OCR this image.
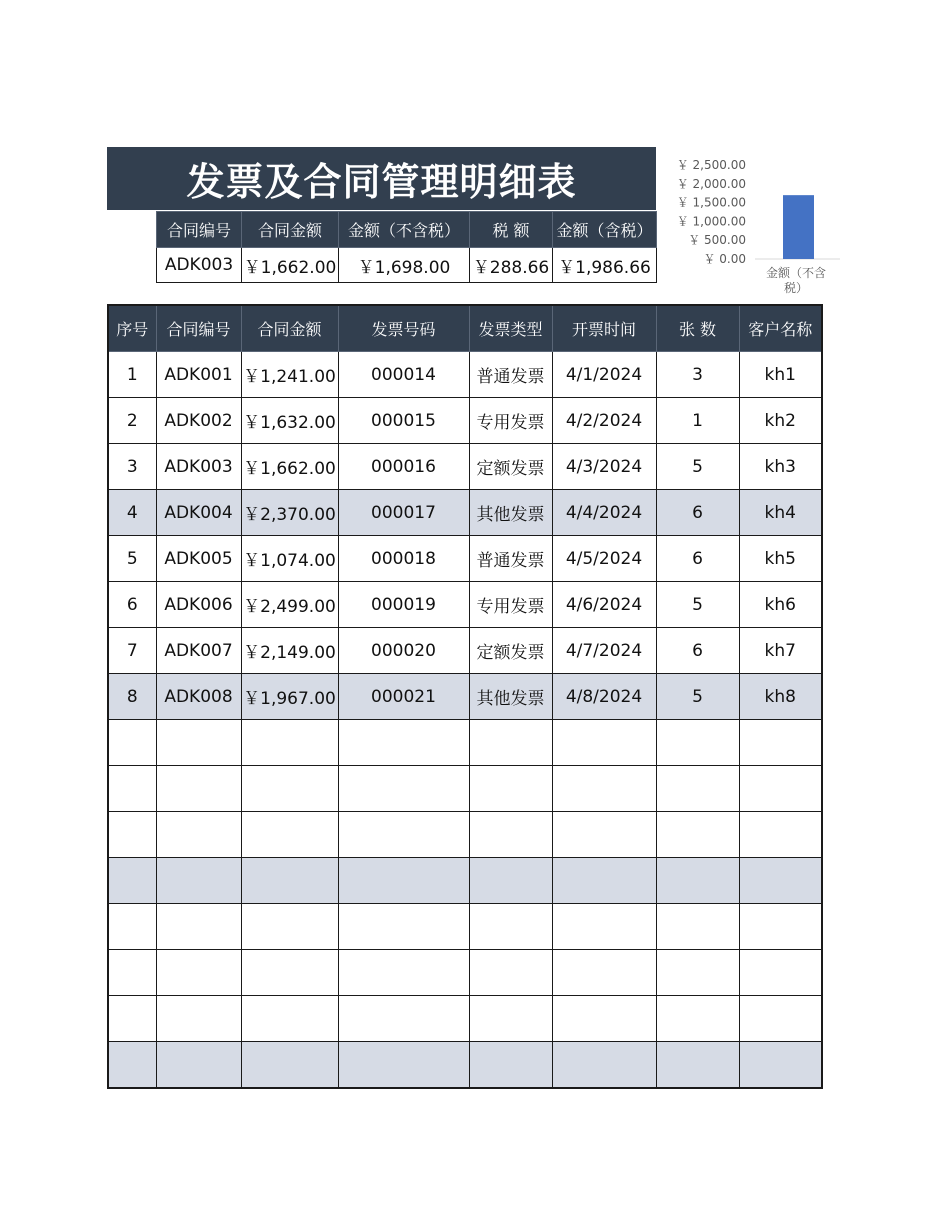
发票及合同管理明细表
合同编号	合同金额	金额（不含税）	税 额	金额（含税）
ADK003	￥1,662.00	￥1,698.00	￥288.66	￥1,986.66	￥ 0.00
￥ 500.00
￥ 1,000.00
￥ 1,500.00
￥ 2,000.00
￥ 2,500.00
金额（不含
税）
序号	合同编号	合同金额	发票号码	发票类型	开票时间	张 数	客户名称
1	ADK001	￥1,241.00	000014	普通发票	4/1/2024	3	kh1
2	ADK002	￥1,632.00	000015	专用发票	4/2/2024	1	kh2
3	ADK003	￥1,662.00	000016	定额发票	4/3/2024	5	kh3
4	ADK004	￥2,370.00	000017	其他发票	4/4/2024	6	kh4
5	ADK005	￥1,074.00	000018	普通发票	4/5/2024	6	kh5
6	ADK006	￥2,499.00	000019	专用发票	4/6/2024	5	kh6
7	ADK007	￥2,149.00	000020	定额发票	4/7/2024	6	kh7
8	ADK008	￥1,967.00	000021	其他发票	4/8/2024	5	kh8
